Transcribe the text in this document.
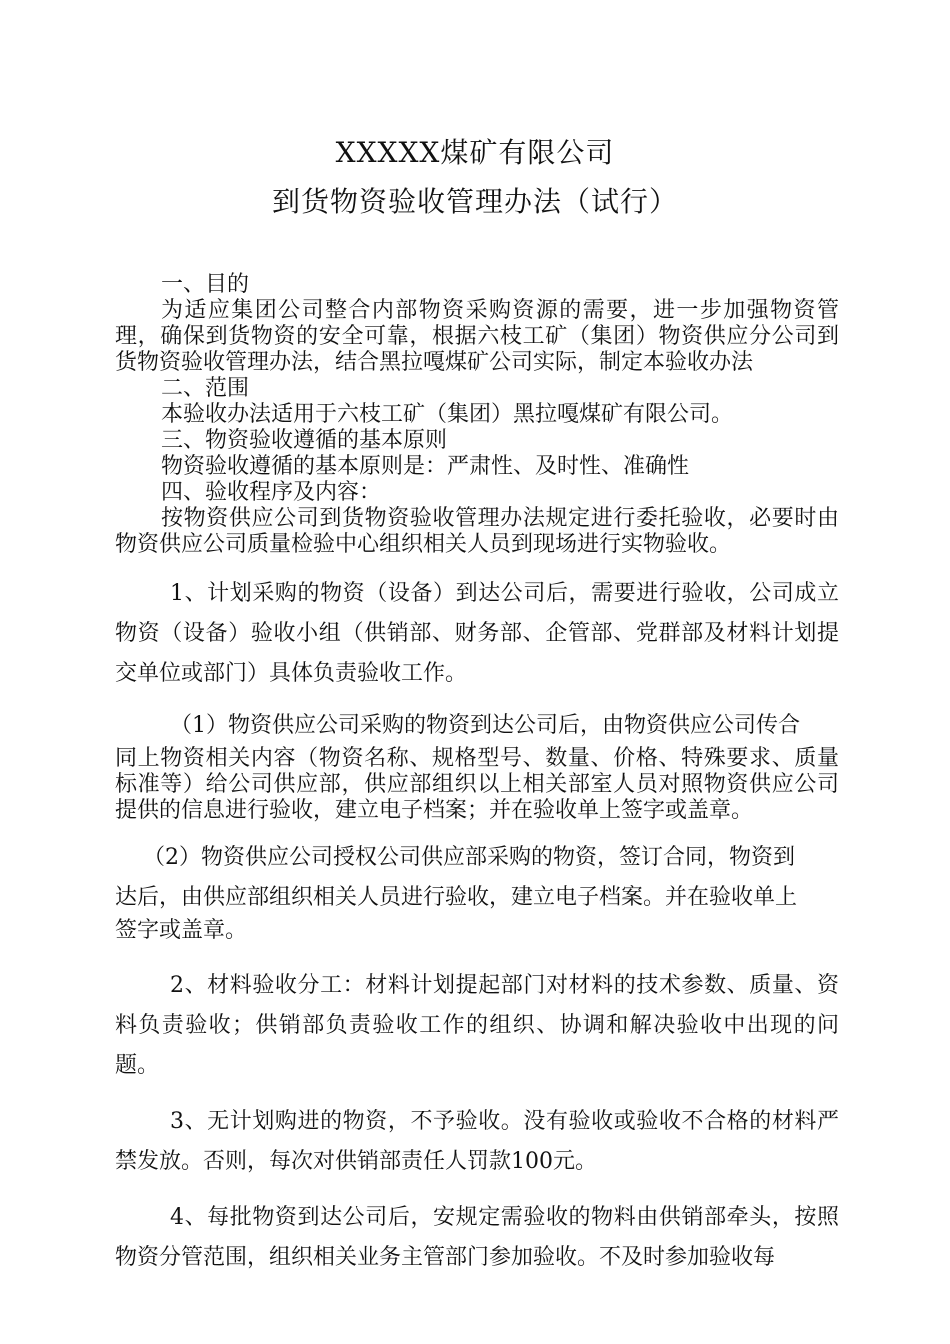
XXXXX煤矿有限公司
到货物资验收管理办法（试行）

一、目的

为适应集团公司整合内部物资采购资源的需要，进一步加强物资管理，确保到货物资的安全可靠，根据六枝工矿（集团）物资供应分公司到货物资验收管理办法，结合黑拉嘎煤矿公司实际，制定本验收办法

二、范围

本验收办法适用于六枝工矿（集团）黑拉嘎煤矿有限公司。

三、物资验收遵循的基本原则

物资验收遵循的基本原则是：严肃性、及时性、准确性

四、验收程序及内容：

按物资供应公司到货物资验收管理办法规定进行委托验收，必要时由物资供应公司质量检验中心组织相关人员到现场进行实物验收。

1、计划采购的物资（设备）到达公司后，需要进行验收，公司成立物资（设备）验收小组（供销部、财务部、企管部、党群部及材料计划提交单位或部门）具体负责验收工作。

（1）物资供应公司采购的物资到达公司后，由物资供应公司传合

同上物资相关内容（物资名称、规格型号、数量、价格、特殊要求、质量标准等）给公司供应部，供应部组织以上相关部室人员对照物资供应公司提供的信息进行验收，建立电子档案；并在验收单上签字或盖章。

（2）物资供应公司授权公司供应部采购的物资，签订合同，物资到

达后，由供应部组织相关人员进行验收，建立电子档案。并在验收单上

签字或盖章。

2、材料验收分工：材料计划提起部门对材料的技术参数、质量、资料负责验收；供销部负责验收工作的组织、协调和解决验收中出现的问题。

3、无计划购进的物资，不予验收。没有验收或验收不合格的材料严禁发放。否则，每次对供销部责任人罚款100元。

4、每批物资到达公司后，安规定需验收的物料由供销部牵头，按照物资分管范围，组织相关业务主管部门参加验收。不及时参加验收每
